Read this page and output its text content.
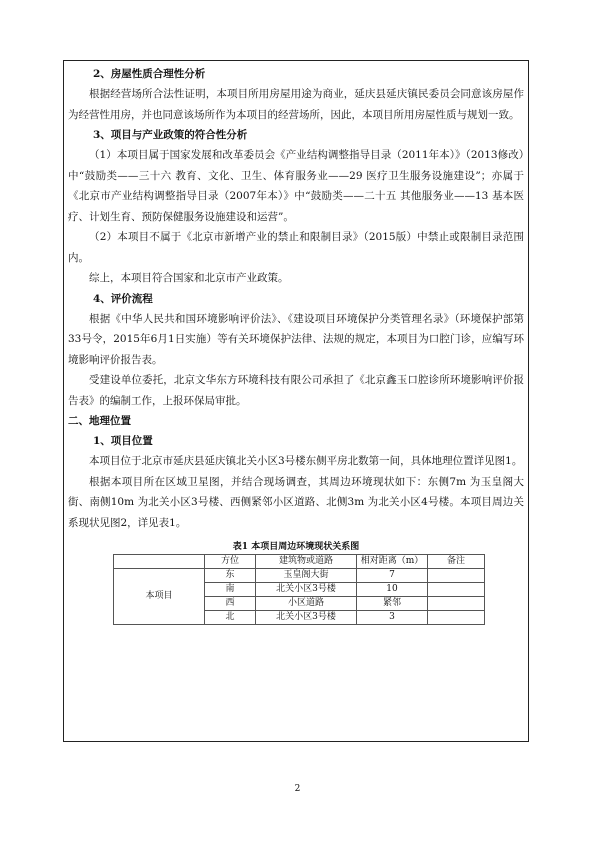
2、房屋性质合理性分析

根据经营场所合法性证明，本项目所用房屋用途为商业，延庆县延庆镇民委员会同意该房屋作为经营性用房，并也同意该场所作为本项目的经营场所，因此，本项目所用房屋性质与规划一致。

3、项目与产业政策的符合性分析

（1）本项目属于国家发展和改革委员会《产业结构调整指导目录（2011年本）》（2013修改）中“鼓励类——三十六 教育、文化、卫生、体育服务业——29 医疗卫生服务设施建设”；亦属于《北京市产业结构调整指导目录（2007年本）》中“鼓励类——二十五 其他服务业——13 基本医疗、计划生育、预防保健服务设施建设和运营”。

（2）本项目不属于《北京市新增产业的禁止和限制目录》（2015版）中禁止或限制目录范围内。

综上，本项目符合国家和北京市产业政策。

4、评价流程

根据《中华人民共和国环境影响评价法》、《建设项目环境保护分类管理名录》（环境保护部第33号令，2015年6月1日实施）等有关环境保护法律、法规的规定，本项目为口腔门诊，应编写环境影响评价报告表。

受建设单位委托，北京文华东方环境科技有限公司承担了《北京鑫玉口腔诊所环境影响评价报告表》的编制工作，上报环保局审批。

二、地理位置

1、项目位置

本项目位于北京市延庆县延庆镇北关小区3号楼东侧平房北数第一间，具体地理位置详见图1。

根据本项目所在区域卫星图，并结合现场调查，其周边环境现状如下：东侧7m 为玉皇阁大街、南侧10m 为北关小区3号楼、西侧紧邻小区道路、北侧3m 为北关小区4号楼。本项目周边关系现状见图2，详见表1。

表1 本项目周边环境现状关系图
	方位	建筑物或道路	相对距离（m）	备注
本项目	东	玉皇阁大街	7	
	南	北关小区3号楼	10	
	西	小区道路	紧邻	
	北	北关小区3号楼	3	
2
